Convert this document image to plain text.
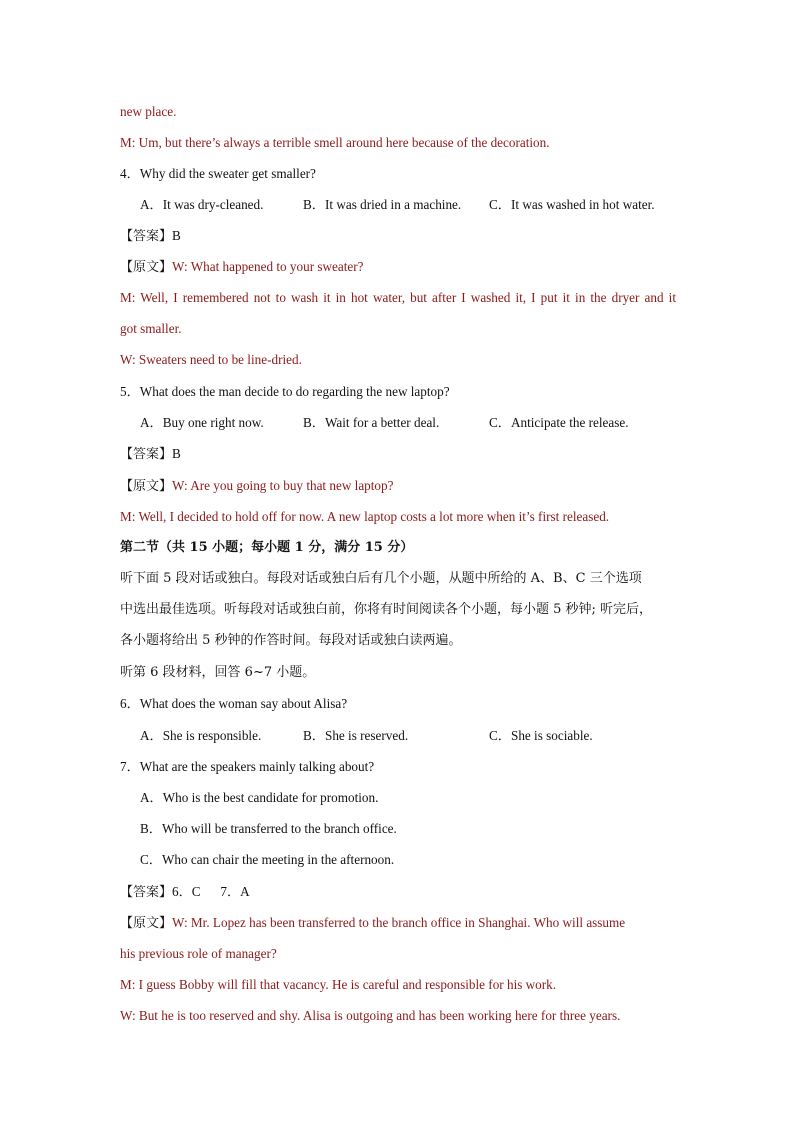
new place.
M: Um, but there’s always a terrible smell around here because of the decoration.
4．Why did the sweater get smaller?
A．It was dry-cleaned.	B．It was dried in a machine. C．It was washed in hot water.
【答案】B
【原文】W: What happened to your sweater?
M: Well, I remembered not to wash it in hot water, but after I washed it, I put it in the dryer and it
got smaller.
W: Sweaters need to be line-dried.
5．What does the man decide to do regarding the new laptop?
A．Buy one right now.	B．Wait for a better deal.	C．Anticipate the release.
【答案】B
【原文】W: Are you going to buy that new laptop?
M: Well, I decided to hold off for now. A new laptop costs a lot more when it’s first released.
第二节（共 15 小题；每小题 1 分，满分 15 分）
听下面 5 段对话或独白。每段对话或独白后有几个小题，从题中所给的 A、B、C 三个选项
中选出最佳选项。听每段对话或独白前，你将有时间阅读各个小题，每小题 5 秒钟; 听完后，
各小题将给出 5 秒钟的作答时间。每段对话或独白读两遍。
听第 6 段材料，回答 6~7 小题。
6．What does the woman say about Alisa?
A．She is responsible.	B．She is reserved.	C．She is sociable.
7．What are the speakers mainly talking about?
A．Who is the best candidate for promotion.
B．Who will be transferred to the branch office.
C．Who can chair the meeting in the afternoon.
【答案】6．C      7．A
【原文】W: Mr. Lopez has been transferred to the branch office in Shanghai. Who will assume
his previous role of manager?
M: I guess Bobby will fill that vacancy. He is careful and responsible for his work.
W: But he is too reserved and shy. Alisa is outgoing and has been working here for three years.
